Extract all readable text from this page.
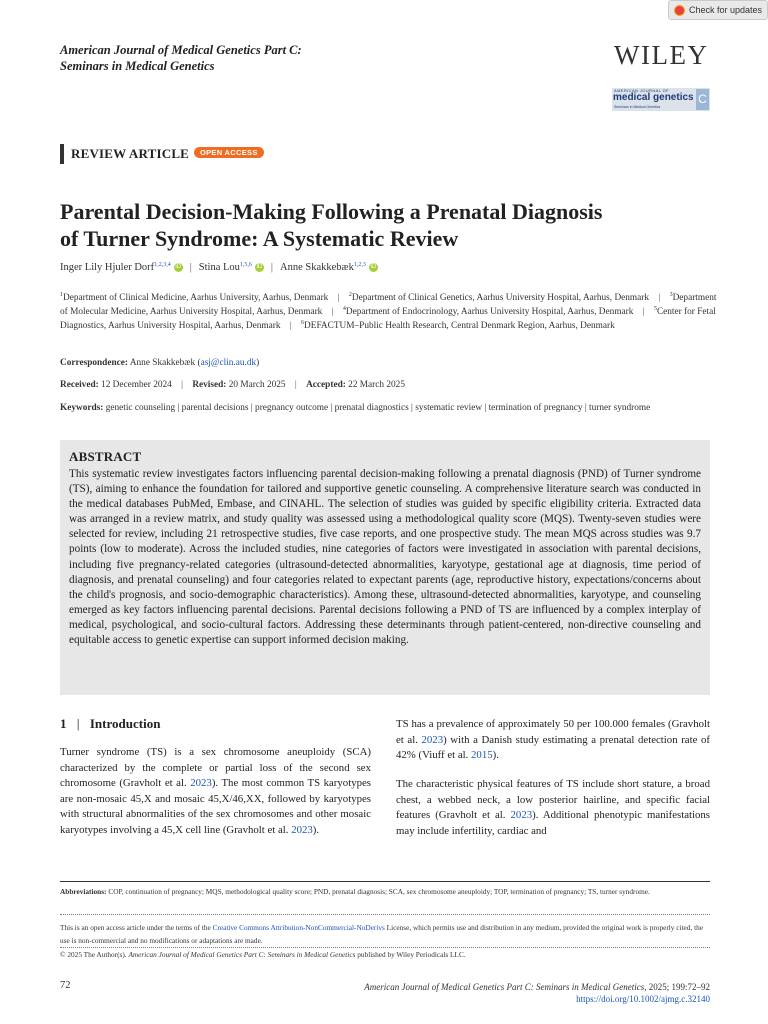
Check for updates
American Journal of Medical Genetics Part C:
Seminars in Medical Genetics	WILEY
AMERICAN JOURNAL OF
medical genetics
Seminars in Medical Genetics
C
REVIEW ARTICLE	OPEN ACCESS
Parental Decision-Making Following a Prenatal Diagnosis
of Turner Syndrome: A Systematic Review
Inger Lily Hjuler Dorf$^{1,2,3,4}$ iD | Stina Lou$^{1,5,6}$ iD | Anne Skakkebæk$^{1,2,3}$ iD
$^1$Department of Clinical Medicine, Aarhus University, Aarhus, Denmark | $^2$Department of Clinical Genetics, Aarhus University Hospital, Aarhus, Denmark | $^3$Department of Molecular Medicine, Aarhus University Hospital, Aarhus, Denmark | $^4$Department of Endocrinology, Aarhus University Hospital, Aarhus, Denmark | $^5$Center for Fetal Diagnostics, Aarhus University Hospital, Aarhus, Denmark | $^6$DEFACTUM–Public Health Research, Central Denmark Region, Aarhus, Denmark
Correspondence: Anne Skakkebæk (asj@clin.au.dk)
Received: 12 December 2024 | Revised: 20 March 2025 | Accepted: 22 March 2025
Keywords: genetic counseling | parental decisions | pregnancy outcome | prenatal diagnostics | systematic review | termination of pregnancy | turner syndrome
ABSTRACT
This systematic review investigates factors influencing parental decision-making following a prenatal diagnosis (PND) of Turner syndrome (TS), aiming to enhance the foundation for tailored and supportive genetic counseling. A comprehensive literature search was conducted in the medical databases PubMed, Embase, and CINAHL. The selection of studies was guided by specific eligibility criteria. Extracted data was arranged in a review matrix, and study quality was assessed using a methodological quality score (MQS). Twenty-seven studies were selected for review, including 21 retrospective studies, five case reports, and one prospective study. The mean MQS across studies was 9.7 points (low to moderate). Across the included studies, nine categories of factors were investigated in association with parental decisions, including five pregnancy-related categories (ultrasound-detected abnormalities, karyotype, gestational age at diagnosis, time period of diagnosis, and prenatal counseling) and four categories related to expectant parents (age, reproductive history, expectations/concerns about the child's prognosis, and socio-demographic characteristics). Among these, ultrasound-detected abnormalities, karyotype, and counseling emerged as key factors influencing parental decisions. Parental decisions following a PND of TS are influenced by a complex interplay of medical, psychological, and socio-cultural factors. Addressing these determinants through patient-centered, non-directive counseling and equitable access to genetic expertise can support informed decision making.
1 | Introduction
Turner syndrome (TS) is a sex chromosome aneuploidy (SCA) characterized by the complete or partial loss of the second sex chromosome (Gravholt et al. 2023). The most common TS karyotypes are non-mosaic 45,X and mosaic 45,X/46,XX, followed by karyotypes with structural abnormalities of the sex chromosomes and other mosaic karyotypes involving a 45,X cell line (Gravholt et al. 2023).
TS has a prevalence of approximately 50 per 100.000 females (Gravholt et al. 2023) with a Danish study estimating a prenatal detection rate of 42% (Viuff et al. 2015).
The characteristic physical features of TS include short stature, a broad chest, a webbed neck, a low posterior hairline, and specific facial features (Gravholt et al. 2023). Additional phenotypic manifestations may include infertility, cardiac and
Abbreviations: COP, continuation of pregnancy; MQS, methodological quality score; PND, prenatal diagnosis; SCA, sex chromosome aneuploidy; TOP, termination of pregnancy; TS, turner syndrome.
This is an open access article under the terms of the Creative Commons Attribution-NonCommercial-NoDerivs License, which permits use and distribution in any medium, provided the original work is properly cited, the use is non-commercial and no modifications or adaptations are made.
© 2025 The Author(s). American Journal of Medical Genetics Part C: Seminars in Medical Genetics published by Wiley Periodicals LLC.
72	American Journal of Medical Genetics Part C: Seminars in Medical Genetics, 2025; 199:72–92
https://doi.org/10.1002/ajmg.c.32140
